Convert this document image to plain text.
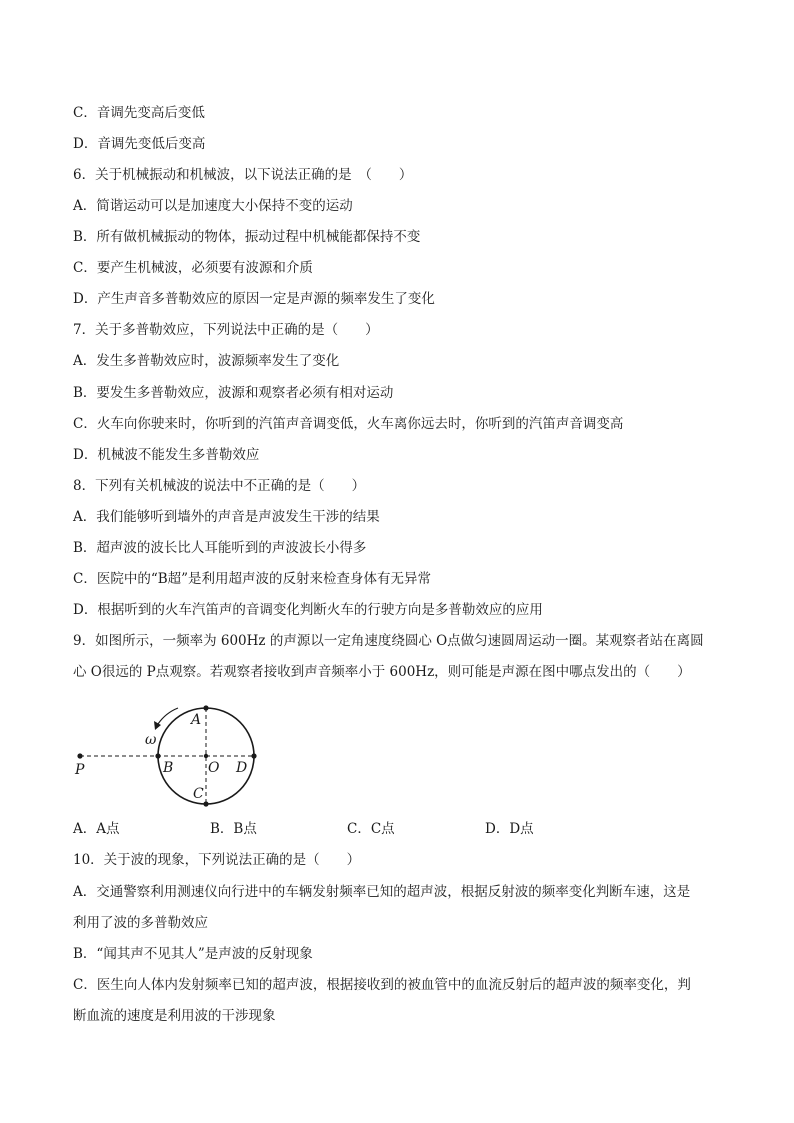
C．音调先变高后变低
D．音调先变低后变高
6．关于机械振动和机械波，以下说法正确的是　（　　）
A．简谐运动可以是加速度大小保持不变的运动
B．所有做机械振动的物体，振动过程中机械能都保持不变
C．要产生机械波，必须要有波源和介质
D．产生声音多普勒效应的原因一定是声源的频率发生了变化
7．关于多普勒效应，下列说法中正确的是（　　）
A．发生多普勒效应时，波源频率发生了变化
B．要发生多普勒效应，波源和观察者必须有相对运动
C．火车向你驶来时，你听到的汽笛声音调变低，火车离你远去时，你听到的汽笛声音调变高
D．机械波不能发生多普勒效应
8．下列有关机械波的说法中不正确的是（　　）
A．我们能够听到墙外的声音是声波发生干涉的结果
B．超声波的波长比人耳能听到的声波波长小得多
C．医院中的“B超”是利用超声波的反射来检查身体有无异常
D．根据听到的火车汽笛声的音调变化判断火车的行驶方向是多普勒效应的应用
9．如图所示，一频率为 600Hz 的声源以一定角速度绕圆心 O点做匀速圆周运动一圈。某观察者站在离圆
心 O很远的 P点观察。若观察者接收到声音频率小于 600Hz，则可能是声源在图中哪点发出的（　　）
P
A
B O
C
D
ω
A．A点	B．B点	C．C点	D．D点
10．关于波的现象，下列说法正确的是（　　）
A．交通警察利用测速仪向行进中的车辆发射频率已知的超声波，根据反射波的频率变化判断车速，这是
利用了波的多普勒效应
B．“闻其声不见其人”是声波的反射现象
C．医生向人体内发射频率已知的超声波，根据接收到的被血管中的血流反射后的超声波的频率变化，判
断血流的速度是利用波的干涉现象
